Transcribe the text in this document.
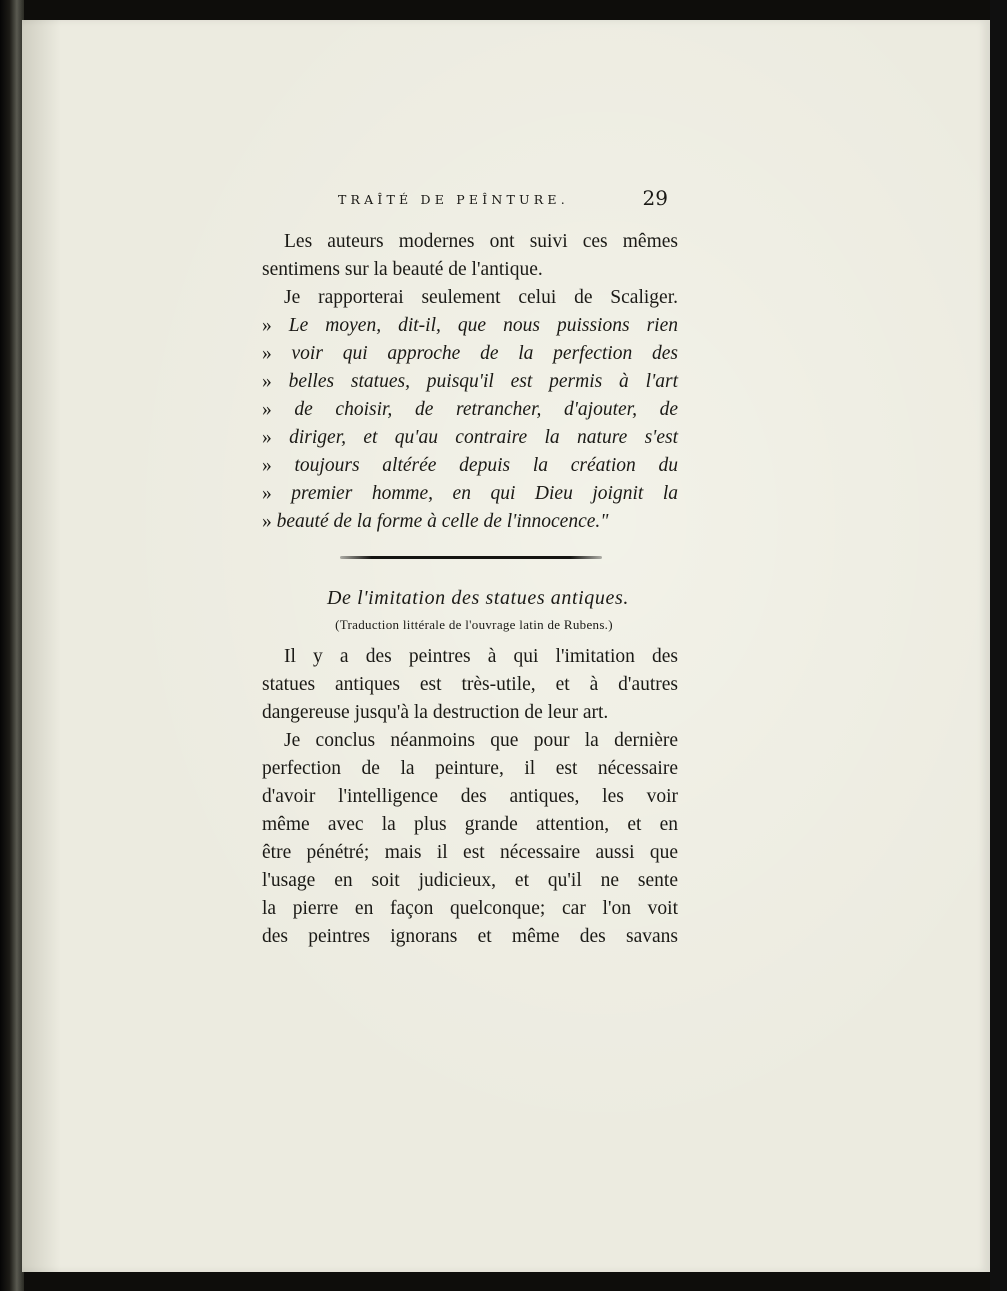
TRAÎTÉ DE PEÎNTURE.	29
Les auteurs modernes ont suivi ces mêmes
sentimens sur la beauté de l'antique.
Je rapporterai seulement celui de Scaliger.
» Le moyen, dit-il, que nous puissions rien
» voir qui approche de la perfection des
» belles statues, puisqu'il est permis à l'art
» de choisir, de retrancher, d'ajouter, de
» diriger, et qu'au contraire la nature s'est
» toujours altérée depuis la création du
» premier homme, en qui Dieu joignit la
» beauté de la forme à celle de l'innocence."
De l'imitation des statues antiques.
(Traduction littérale de l'ouvrage latin de Rubens.)
Il y a des peintres à qui l'imitation des
statues antiques est très-utile, et à d'autres
dangereuse jusqu'à la destruction de leur art.
Je conclus néanmoins que pour la dernière
perfection de la peinture, il est nécessaire
d'avoir l'intelligence des antiques, les voir
même avec la plus grande attention, et en
être pénétré; mais il est nécessaire aussi que
l'usage en soit judicieux, et qu'il ne sente
la pierre en façon quelconque; car l'on voit
des peintres ignorans et même des savans
